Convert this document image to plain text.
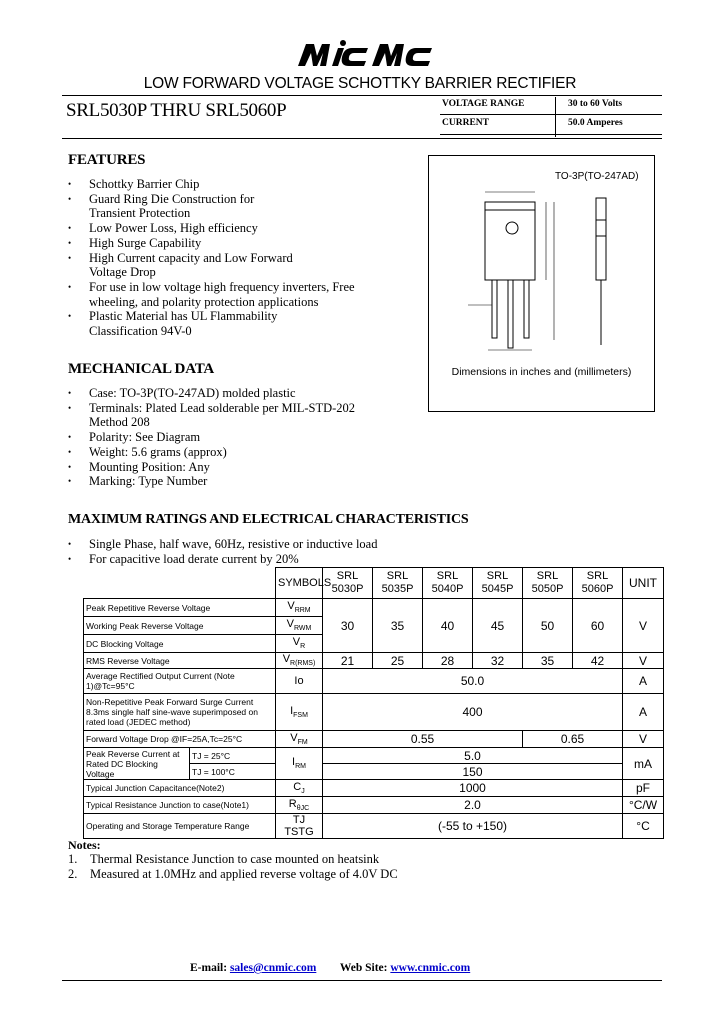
LOW FORWARD VOLTAGE SCHOTTKY BARRIER RECTIFIER
SRL5030P THRU SRL5060P	VOLTAGE RANGE	30 to 60 Volts
CURRENT	50.0 Amperes
FEATURES
• Schottky Barrier Chip
• Guard Ring Die Construction for Transient Protection
• Low Power Loss, High efficiency
• High Surge Capability
• High Current capacity and Low Forward Voltage Drop
• For use in low voltage high frequency inverters, Free wheeling, and polarity protection applications
• Plastic Material has UL Flammability Classification 94V-0
TO-3P(TO-247AD)
Dimensions in inches and (millimeters)
MECHANICAL DATA
• Case: TO-3P(TO-247AD) molded plastic
• Terminals: Plated Lead solderable per MIL-STD-202 Method 208
• Polarity: See Diagram
• Weight: 5.6 grams (approx)
• Mounting Position: Any
• Marking: Type Number
MAXIMUM RATINGS AND ELECTRICAL CHARACTERISTICS
• Single Phase, half wave, 60Hz, resistive or inductive load
• For capacitive load derate current by 20%
		SYMBOLS	SRL 5030P	SRL 5035P	SRL 5040P	SRL 5045P	SRL 5050P	SRL 5060P	UNIT
Peak Repetitive Reverse Voltage		$V_{RRM}$	30	35	40	45	50	60	V
Working Peak Reverse Voltage		$V_{RWM}$
DC Blocking Voltage		$V_R$
RMS Reverse Voltage		$V_{R(RMS)}$	21	25	28	32	35	42	V
Average Rectified Output Current (Note 1)@Tc=95°C		Io	50.0						A
Non-Repetitive Peak Forward Surge Current 8.3ms single half sine-wave superimposed on rated load (JEDEC method)		$I_{FSM}$	400						A
Forward Voltage Drop @IF=25A,Tc=25°C		$V_{FM}$	0.55				0.65		V
Peak Reverse Current at Rated DC Blocking Voltage	TJ = 25°C	$I_{RM}$	5.0						mA
	TJ = 100°C		150						
Typical Junction Capacitance(Note2)		$C_J$	1000						pF
Typical Resistance Junction to case(Note1)		$R_{\theta JC}$	2.0						°C/W
Operating and Storage Temperature Range		TJ TSTG	(-55 to +150)						°C
Notes:
1. Thermal Resistance Junction to case mounted on heatsink
2. Measured at 1.0MHz and applied reverse voltage of 4.0V DC
E-mail: sales@cnmic.com Web Site: www.cnmic.com
